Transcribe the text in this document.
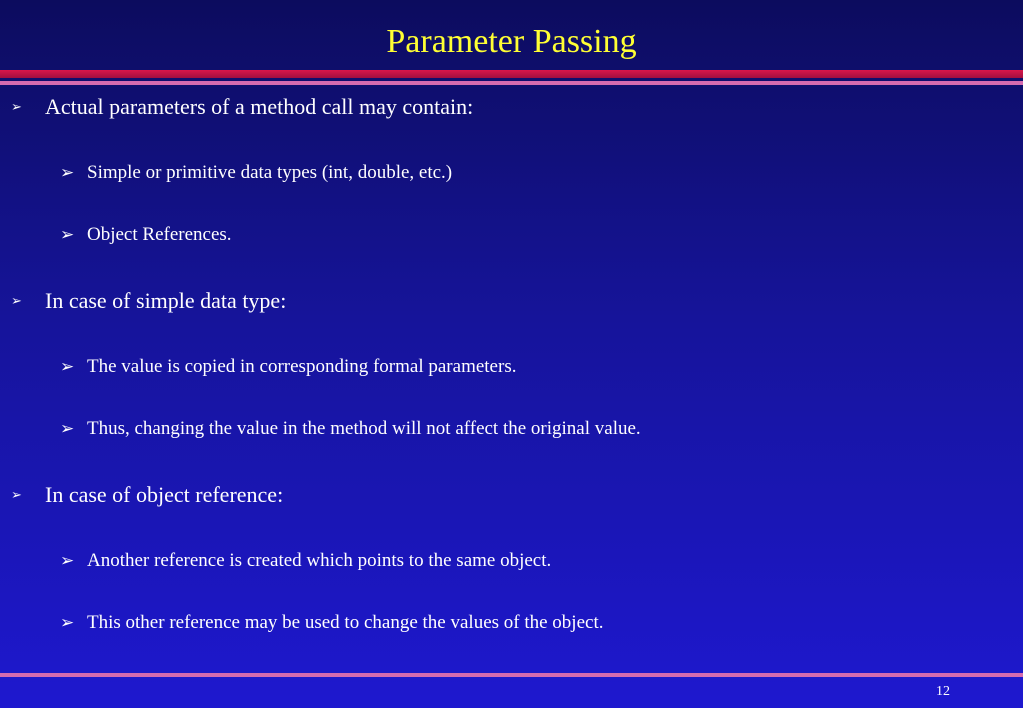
Parameter Passing
➢ Actual parameters of a method call may contain:
➢ Simple or primitive data types (int, double, etc.)
➢ Object References.
➢ In case of simple data type:
➢ The value is copied in corresponding formal parameters.
➢ Thus, changing the value in the method will not affect the original value.
➢ In case of object reference:
➢ Another reference is created which points to the same object.
➢ This other reference may be used to change the values of the object.
12
